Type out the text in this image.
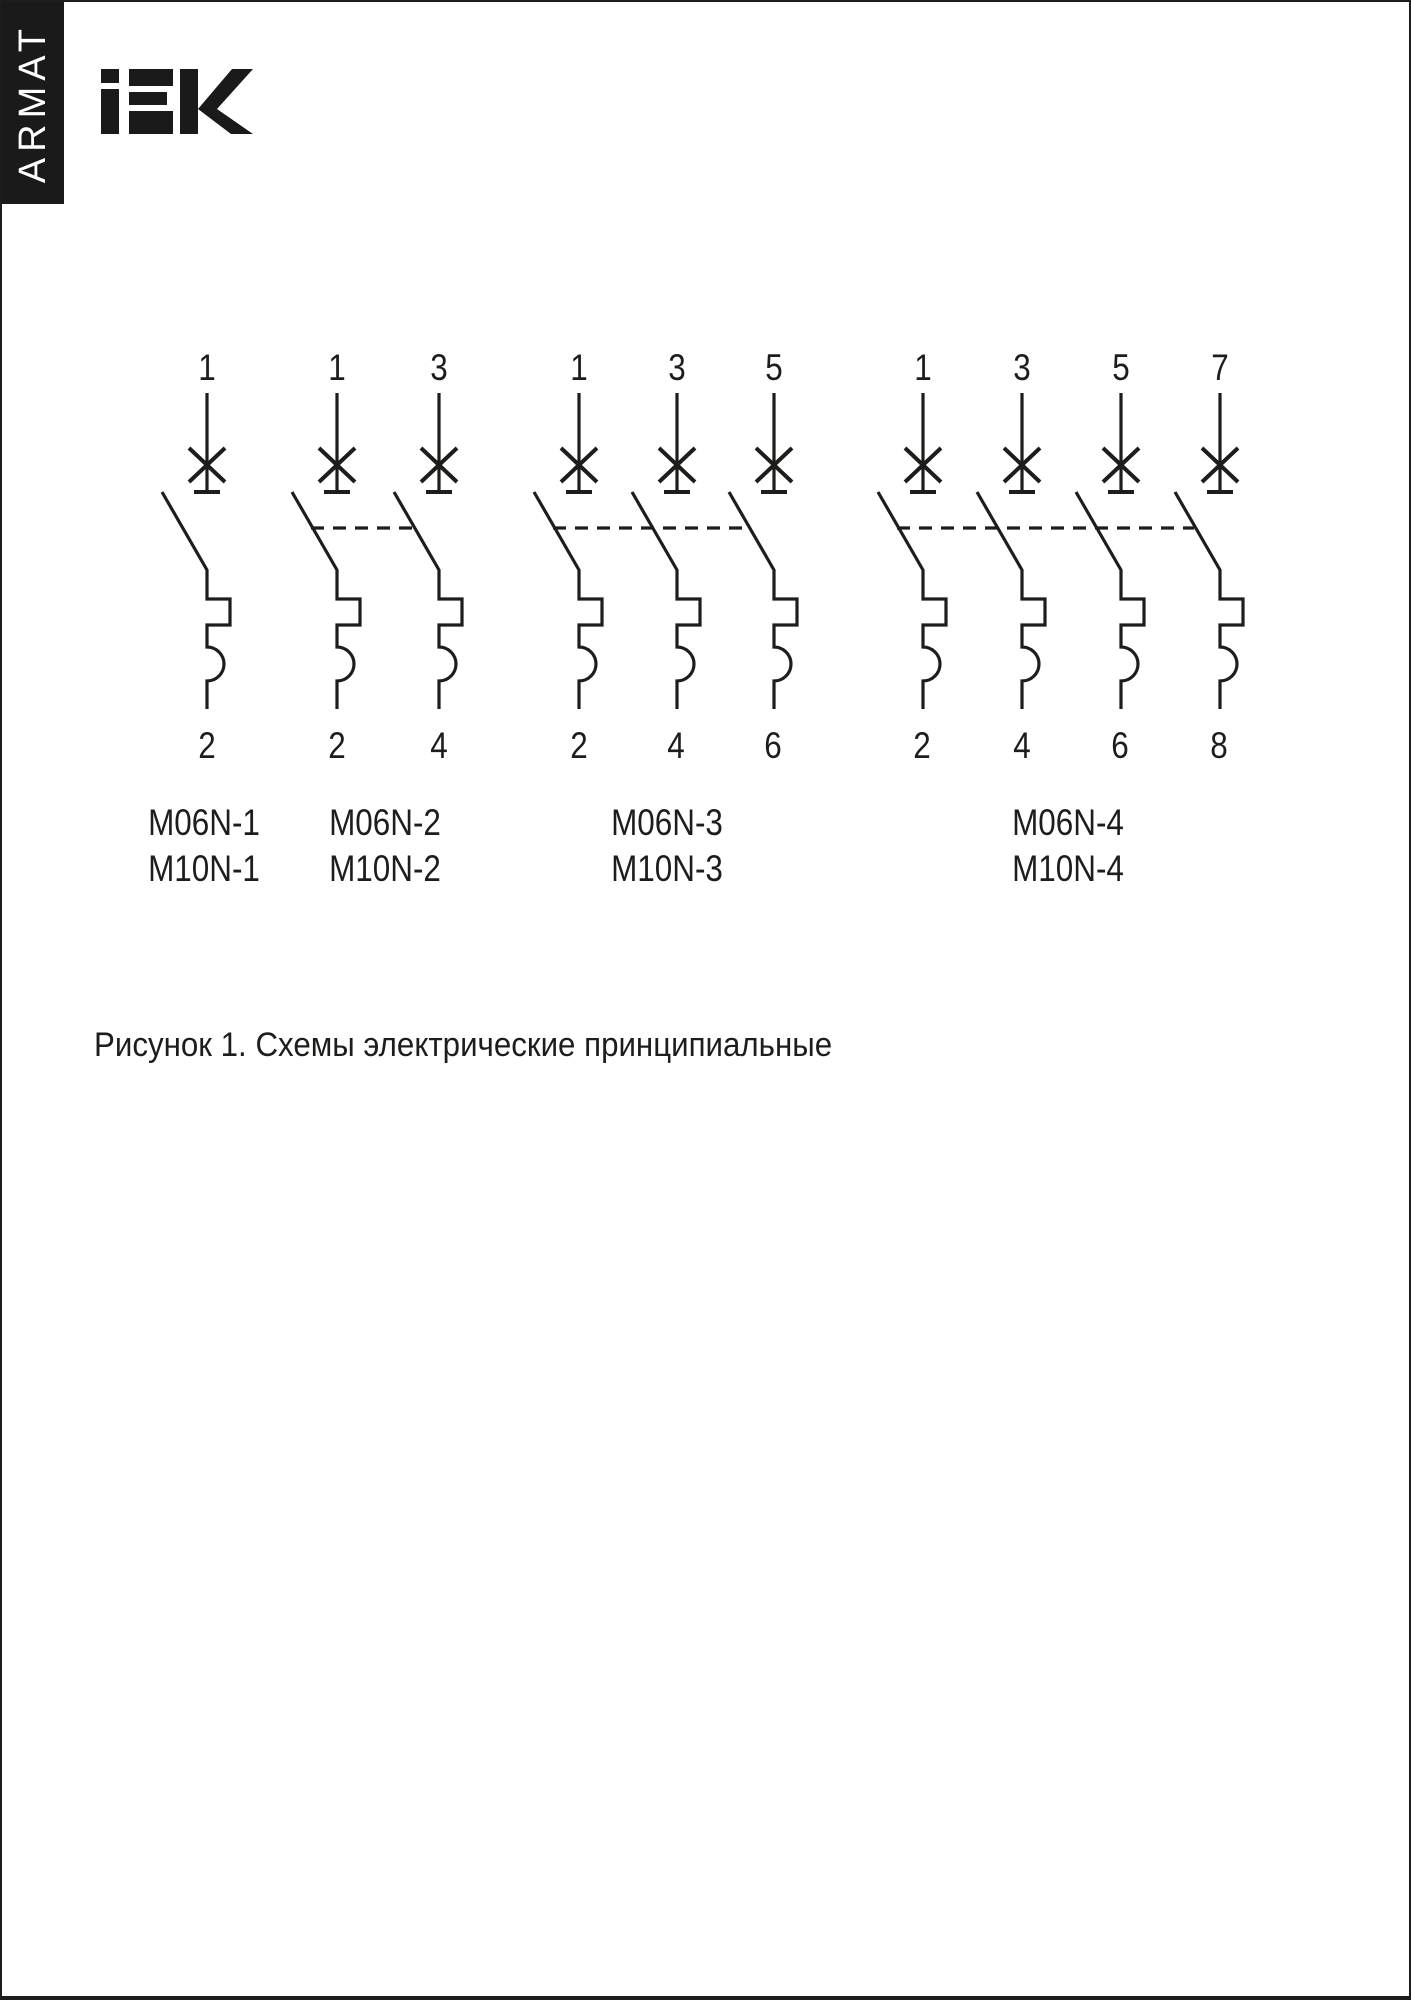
ARMAT
1	1 3	1 3 5	1 3 5 7
2	2 4	2 4 6	2 4 6 8
M06N-1
M10N-1
M06N-2
M10N-2
M06N-3
M10N-3
M06N-4
M10N-4
Рисунок 1. Схемы электрические принципиальные
